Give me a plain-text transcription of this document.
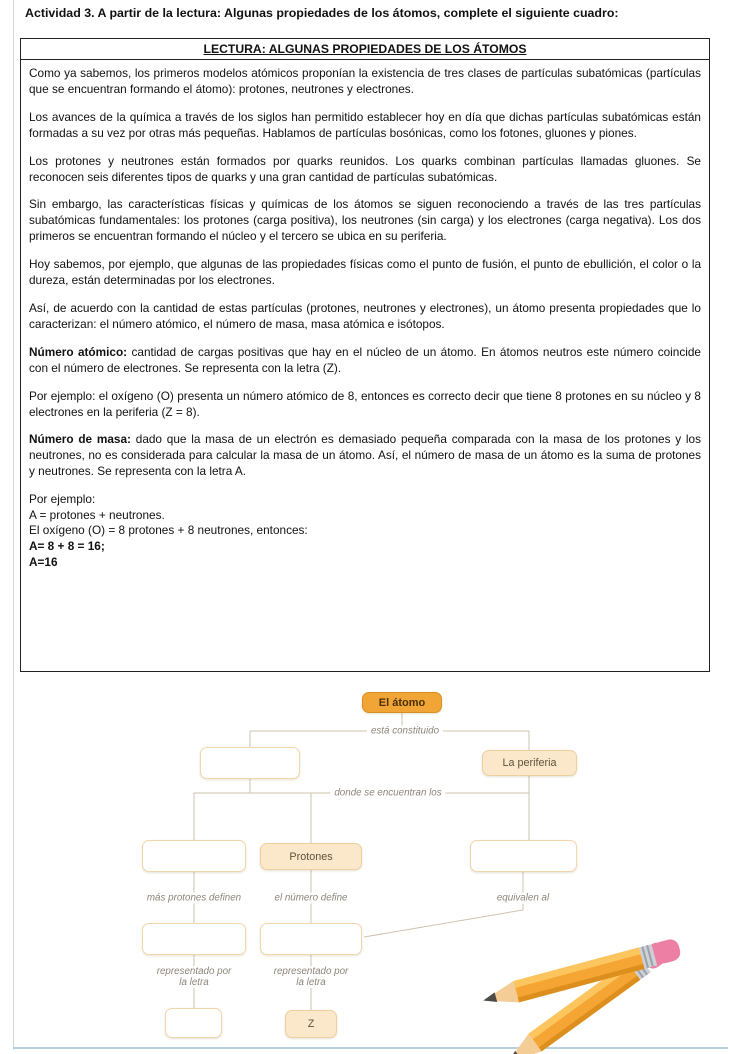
Actividad 3. A partir de la lectura: Algunas propiedades de los átomos, complete el siguiente cuadro:
LECTURA: ALGUNAS PROPIEDADES DE LOS ÁTOMOS

Como ya sabemos, los primeros modelos atómicos proponían la existencia de tres clases de partículas subatómicas (partículas que se encuentran formando el átomo): protones, neutrones y electrones.

Los avances de la química a través de los siglos han permitido establecer hoy en día que dichas partículas subatómicas están formadas a su vez por otras más pequeñas. Hablamos de partículas bosónicas, como los fotones, gluones y piones.

Los protones y neutrones están formados por quarks reunidos. Los quarks combinan partículas llamadas gluones. Se reconocen seis diferentes tipos de quarks y una gran cantidad de partículas subatómicas.

Sin embargo, las características físicas y químicas de los átomos se siguen reconociendo a través de las tres partículas subatómicas fundamentales: los protones (carga positiva), los neutrones (sin carga) y los electrones (carga negativa). Los dos primeros se encuentran formando el núcleo y el tercero se ubica en su periferia.

Hoy sabemos, por ejemplo, que algunas de las propiedades físicas como el punto de fusión, el punto de ebullición, el color o la dureza, están determinadas por los electrones.

Así, de acuerdo con la cantidad de estas partículas (protones, neutrones y electrones), un átomo presenta propiedades que lo caracterizan: el número atómico, el número de masa, masa atómica e isótopos.

Número atómico: cantidad de cargas positivas que hay en el núcleo de un átomo. En átomos neutros este número coincide con el número de electrones. Se representa con la letra (Z).

Por ejemplo: el oxígeno (O) presenta un número atómico de 8, entonces es correcto decir que tiene 8 protones en su núcleo y 8 electrones en la periferia (Z = 8).

Número de masa: dado que la masa de un electrón es demasiado pequeña comparada con la masa de los protones y los neutrones, no es considerada para calcular la masa de un átomo. Así, el número de masa de un átomo es la suma de protones y neutrones. Se representa con la letra A.

Por ejemplo:
A = protones + neutrones.
El oxígeno (O) = 8 protones + 8 neutrones, entonces:
A= 8 + 8 = 16;
A=16

El átomo
La periferia
Protones
Z
está constituido
donde se encuentran los
más protones definen	el número define	equivalen al
representado por la letra
representado por la letra
